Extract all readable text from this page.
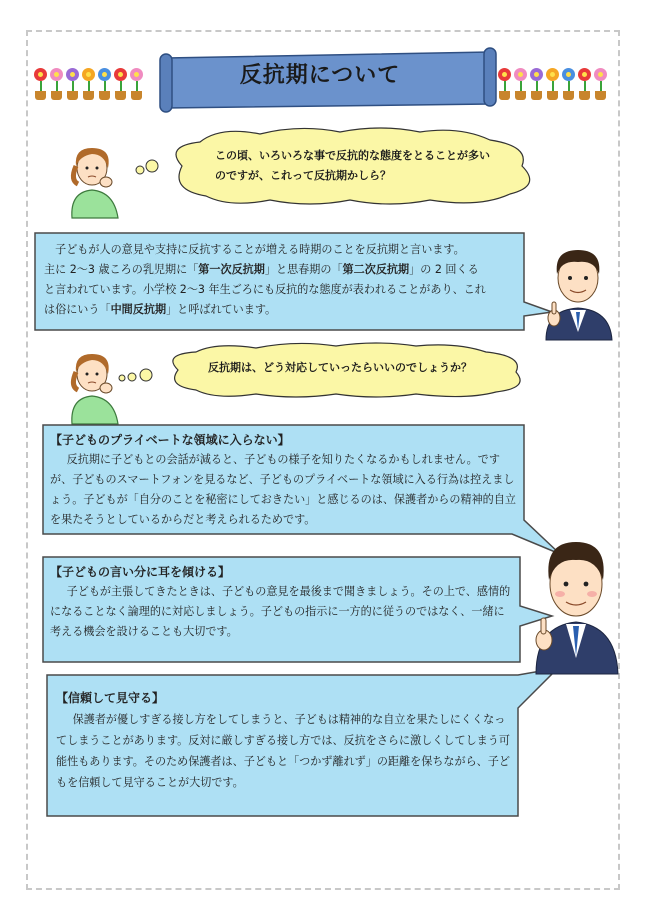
反抗期について
この頃、いろいろな事で反抗的な態度をとることが多い
のですが、これって反抗期かしら？
子どもが人の意見や支持に反抗することが増える時期のことを反抗期と言います。
主に 2～3 歳ころの乳児期に「第一次反抗期」と思春期の「第二次反抗期」の 2 回くる
と言われています。小学校 2～3 年生ごろにも反抗的な態度が表われることがあり、これ
は俗にいう「中間反抗期」と呼ばれています。
反抗期は、どう対応していったらいいのでしょうか？
【子どものプライベートな領域に入らない】
反抗期に子どもとの会話が減ると、子どもの様子を知りたくなるかもしれません。です
が、子どものスマートフォンを見るなど、子どものプライベートな領域に入る行為は控えまし
ょう。子どもが「自分のことを秘密にしておきたい」と感じるのは、保護者からの精神的自立
を果たそうとしているからだと考えられるためです。
【子どもの言い分に耳を傾ける】
子どもが主張してきたときは、子どもの意見を最後まで聞きましょう。その上で、感情的
になることなく論理的に対応しましょう。子どもの指示に一方的に従うのではなく、一緒に
考える機会を設けることも大切です。
【信頼して見守る】
保護者が優しすぎる接し方をしてしまうと、子どもは精神的な自立を果たしにくくなっ
てしまうことがあります。反対に厳しすぎる接し方では、反抗をさらに激しくしてしまう可
能性もあります。そのため保護者は、子どもと「つかず離れず」の距離を保ちながら、子ど
もを信頼して見守ることが大切です。
